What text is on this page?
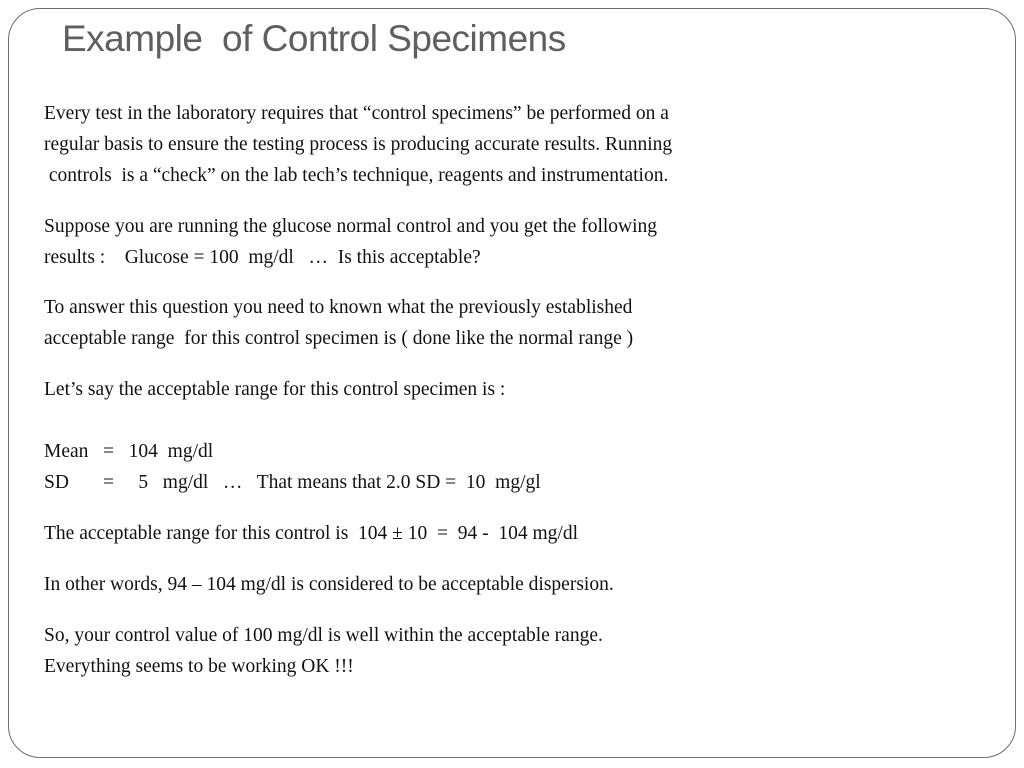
Example  of Control Specimens
Every test in the laboratory requires that “control specimens” be performed on a
regular basis to ensure the testing process is producing accurate results. Running
controls  is a “check” on the lab tech’s technique, reagents and instrumentation.
Suppose you are running the glucose normal control and you get the following
results :    Glucose = 100  mg/dl   …  Is this acceptable?
To answer this question you need to known what the previously established
acceptable range  for this control specimen is ( done like the normal range )
Let’s say the acceptable range for this control specimen is :
Mean   =   104  mg/dl
SD       =     5   mg/dl   …   That means that 2.0 SD =  10  mg/gl
The acceptable range for this control is  104 ± 10  =  94 -  104 mg/dl
In other words, 94 – 104 mg/dl is considered to be acceptable dispersion.
So, your control value of 100 mg/dl is well within the acceptable range.
Everything seems to be working OK !!!
